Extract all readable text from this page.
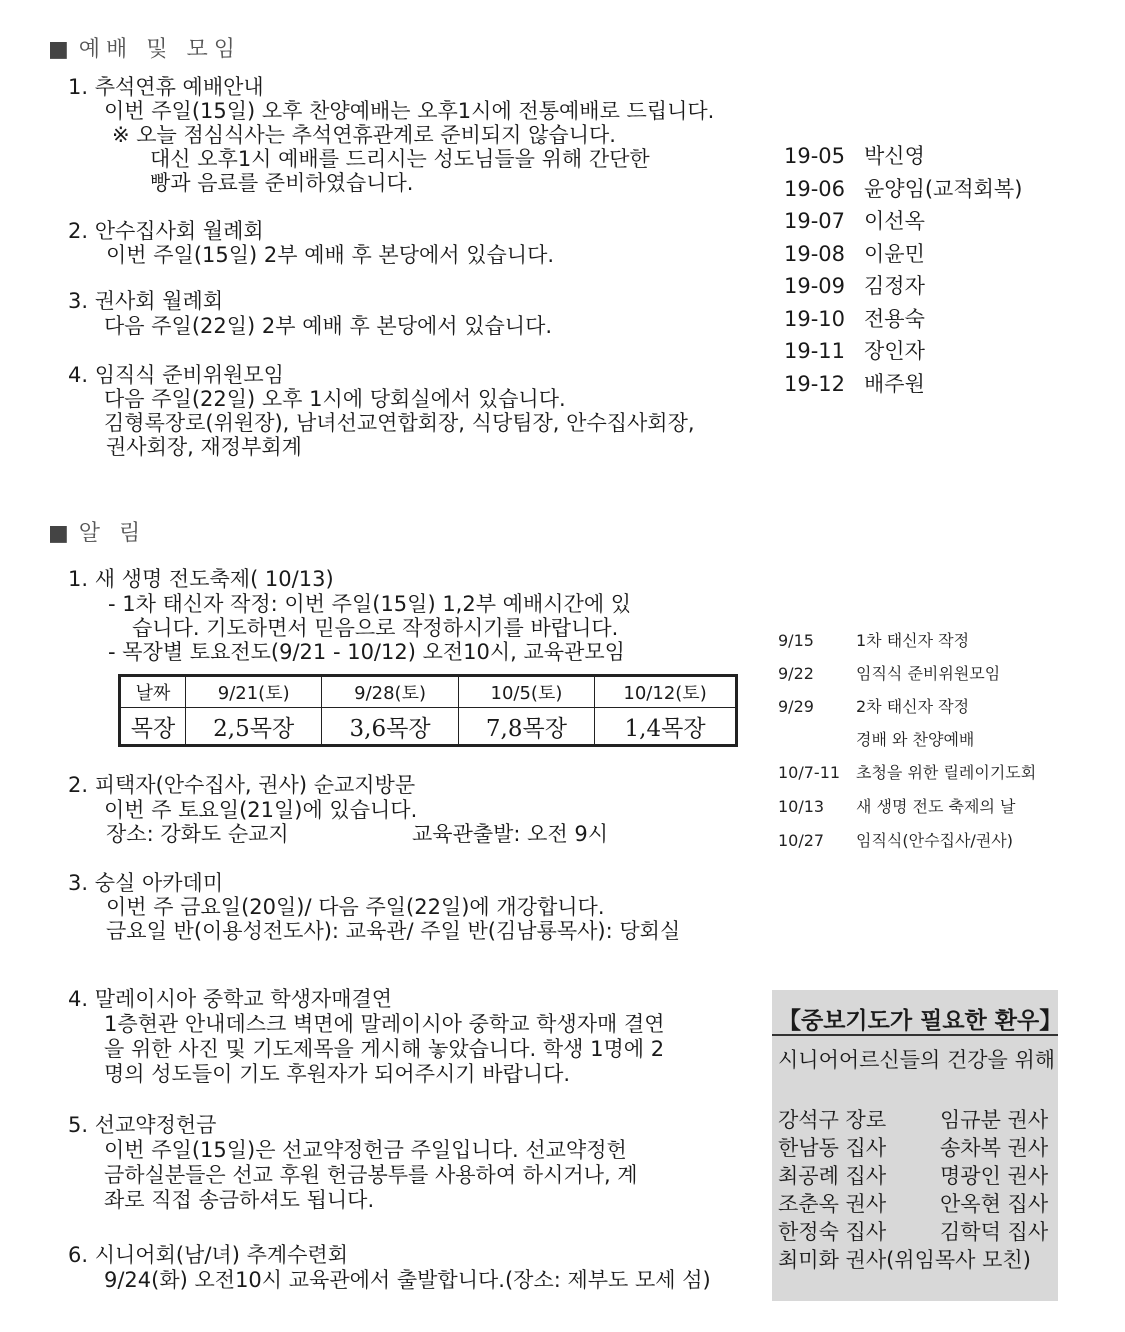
■ 예배 및 모임
1. 추석연휴 예배안내
이번 주일(15일) 오후 찬양예배는 오후1시에 전통예배로 드립니다.
※ 오늘 점심식사는 추석연휴관계로 준비되지 않습니다.
대신 오후1시 예배를 드리시는 성도님들을 위해 간단한
빵과 음료를 준비하였습니다.
2. 안수집사회 월례회
이번 주일(15일) 2부 예배 후 본당에서 있습니다.
3. 권사회 월례회
다음 주일(22일) 2부 예배 후 본당에서 있습니다.
4. 임직식 준비위원모임
다음 주일(22일) 오후 1시에 당회실에서 있습니다.
김형록장로(위원장), 남녀선교연합회장, 식당팀장, 안수집사회장,
권사회장, 재정부회계
19-05 박신영
19-06 윤양임(교적회복)
19-07 이선옥
19-08 이윤민
19-09 김정자
19-10 전용숙
19-11 장인자
19-12 배주원
■ 알 림
1. 새 생명 전도축제( 10/13)
- 1차 태신자 작정: 이번 주일(15일) 1,2부 예배시간에 있
습니다. 기도하면서 믿음으로 작정하시기를 바랍니다.
- 목장별 토요전도(9/21 - 10/12) 오전10시, 교육관모임
날짜	9/21(토)	9/28(토)	10/5(토)	10/12(토)
목장	2,5목장	3,6목장	7,8목장	1,4목장
2. 피택자(안수집사, 권사) 순교지방문
이번 주 토요일(21일)에 있습니다.
장소: 강화도 순교지	교육관출발: 오전 9시
3. 숭실 아카데미
이번 주 금요일(20일)/ 다음 주일(22일)에 개강합니다.
금요일 반(이용성전도사): 교육관/ 주일 반(김남룡목사): 당회실
4. 말레이시아 중학교 학생자매결연
1층현관 안내데스크 벽면에 말레이시아 중학교 학생자매 결연
을 위한 사진 및 기도제목을 게시해 놓았습니다. 학생 1명에 2
명의 성도들이 기도 후원자가 되어주시기 바랍니다.
5. 선교약정헌금
이번 주일(15일)은 선교약정헌금 주일입니다. 선교약정헌
금하실분들은 선교 후원 헌금봉투를 사용하여 하시거나, 계
좌로 직접 송금하셔도 됩니다.
6. 시니어회(남/녀) 추계수련회
9/24(화) 오전10시 교육관에서 출발합니다.(장소: 제부도 모세 섬)
9/15	1차 태신자 작정
9/22	임직식 준비위원모임
9/29	2차 태신자 작정
경배 와 찬양예배
10/7-11 초청을 위한 릴레이기도회
10/13 새 생명 전도 축제의 날
10/27 임직식(안수집사/권사)
【중보기도가 필요한 환우】
시니어어르신들의 건강을 위해
강석구 장로	임규분 권사
한남동 집사	송차복 권사
최공례 집사	명광인 권사
조춘옥 권사	안옥현 집사
한정숙 집사	김학덕 집사
최미화 권사(위임목사 모친)
